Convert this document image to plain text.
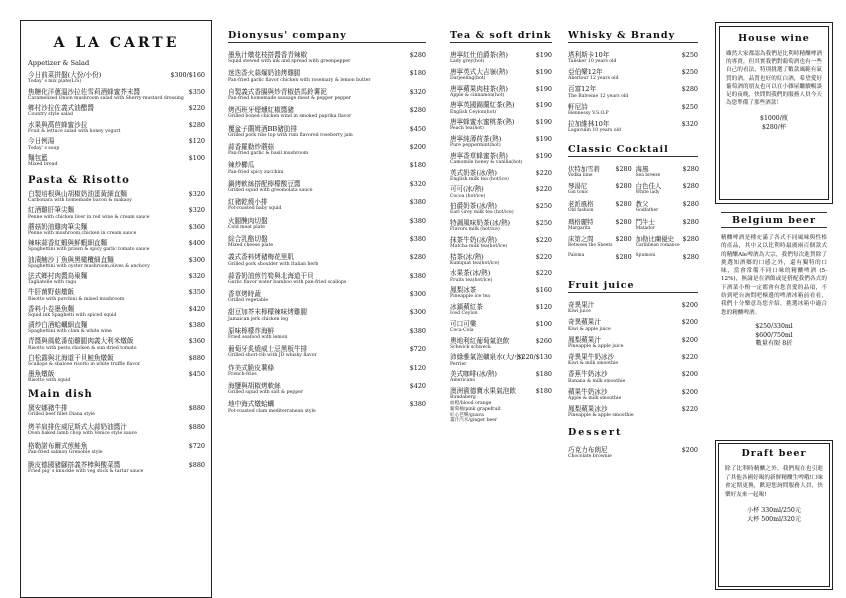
A LA CARTE
Appetizer & Salad
今日前菜拼盤(大份/小份)
Today' s mix plate(L/S)
$300/$160
焦糖化洋蔥溫沙拉佐雪莉酒蜂蜜芥末醬
Caramelized Onion mushroom salad with Sherry-mustard dressing
$350
鄉村沙拉佐義式油醋醬
Country style salad
$220
水果與萵苣蜂蜜沙拉
Fruit & lettuce salad with honey yogurt
$280
今日例湯
Today' s soup
$120
麵包籃
Mixed bread
$100
Pasta & Risotto
白製培根與山胡椒奶油蛋黃細直麵
Carbonara with homemade bacon & makaoy
$320
紅酒雞肝筆尖麵
Penne with chicken liver in red wine & cream sauce
$320
蘑菇奶油雞肉筆尖麵
Penne with mushroom,chicken in cream sauce
$360
辣味蒜香紅蝦與鮮蝦細直麵
Spaghettini with prawn & spicy garlic tomato sauce
$400
油漬鮪沙丁魚與黑橄欖細直麵
Spaghettini with oyster mushroom,olives & anchovy
$300
法式鄉村肉醬鳥巢麵
Tagliatelle with ragu
$320
牛肝菌野菇燉飯
Risotto with porchini & mixed mushroom
$350
香料小卷墨魚麵
Squid ink Spaghetti with spiced squid
$420
漬炒白酒蛤蠣細直麵
Spaghettini with clam & white wine
$380
青醬與風乾番茄雞腿肉義大利米燉飯
Risotto with pesto,chicken & sun dried tomato
$360
白松露與北海道干貝鮭魚燉飯
Scallops & shalooe risotto in white truffle flavor
$880
墨魚燉飯
Risotto with squid
$450
Main dish
黛安娜豬牛排
Grilled beef fillet Diana style
$880
烤羊肩排佐威尼斯式大蒜奶油醬汁
Oven baked lamb chop with Venice style sauce
$880
格勒諾布爾式煎鮭魚
Pan-fried salmon Grenoble style
$720
脆皮德國豬腳搭義芥棒與酸菜醬
Fried pig' s knuckle with veg stick & tartar sauce
$880
Dionysus' company
墨魚汁燉花枝搭醬香青辣椒
Squid stewed with ink and spread with greenpepper
$280
迷迭香火蒜爆奶油烤雞腿
Pan-fried garlic flavor chicken with rosemary & lemon butter
$180
自製義式香腸與炒青椒搭馬鈴薯泥
Pan-fried homemade sausage meat & pepper pepper
$320
烤西班牙煙燻紅椒醬豬
Grilled boned chicken wind in smoked paprika flavor
$280
覆盆子蘭姆酒BB豬肋排
Grilled pork ribs top with rum flavored roseberry jam
$450
蒜香羅勒炒蘑菇
Pan-fried garlic & basil mushroom
$200
辣炒櫛瓜
Pan-fried spicy zucchini
$180
鍋烤軟絲搭配檸檬酸豆醬
Grilled squid with greomolata sauce
$320
紅豬乾燒小排
Pot-roasted baby squid
$380
火腿醃肉切盤
Cold meat plate
$380
綜合乳酪切盤
Mixed cheese plate
$380
義式香料烤豬梅花里肌
Grilled pork shoulder with Italian herb
$280
蒜香奶油煎竹筍與北海道干貝
Garlic flavor water bamboo with pan-fried scallops
$380
香草烤時蔬
Grilled vegetable
$300
甜豆加芥末檸檬辣味烤雞腿
Jamaican jerk chicken leg
$300
原味檸檬炸海鮮
Fried seafood with lemon
$380
葡萄牙炙燒威士忌黑板牛排
Grilled short-rib with JD whisky flavor
$720
炸美式脆皮薯條
French-fries
$120
海鹽與胡椒烤軟絲
Grilled squid with salt & pepper
$420
地中海式燉蛤蠣
Pot-roasted clam mediterranean style
$380
Tea & soft drink
唐寧紅仕伯爵茶(熱)
Lady grey(hot)
$190
唐寧英式大吉嶺(熱)
Darjeeling(hot)
$190
唐寧蘋果肉桂茶(熱)
Apple & cinnamon(hot)
$190
唐寧英國錫蘭紅茶(熱)
English Ceylon(hot)
$190
唐寧蜂蜜水蜜桃茶(熱)
Peach tea(hot)
$190
唐寧純薄荷茶(熱)
Pure peppermint(hot)
$190
唐寧香草蜂蜜茶(熱)
Camomile honey & vanilla(hot)
$190
英式奶茶(冰/熱)
English milk tea (hot/ice)
$220
可可(冰/熱)
Cocoa (hot/ice)
$220
伯爵奶茶(冰/熱)
Earl Grey milk tea (hot/ice)
$250
特調風味奶茶(冰/熱)
Flavors milk (hot/ice)
$250
抹茶牛奶(冰/熱)
Matcha milk tea(hot/ice)
$220
桔茶(冰/熱)
Kumquat tea(hot/ice)
$220
水果茶(冰/熱)
Fruits tea(hot/ice)
$220
鳳梨冰茶
Pineapple ice tea
$160
冰鎮蘋紅茶
Iced Ceylon
$120
可口可樂
Coca-Cola
$100
奧地利紅葡萄氣泡飲
Schwick schweck
$260
沛綠雅氣泡礦泉水(大/小)
Perrier
$220/$130
美式咖啡(冰/熱)
Americano
$180
澳洲賓德寶水果氣泡飲
Bundaberg
血橙/blood orange
葡萄柚/pink grapefruit
紅心芭樂/guava
薑汁汽水/ginger beer
$180
Whisky & Brandy
塔利斯卡10年
Talisker 10 years old
$250
亞伯樂12年
Aberlour 12 years old
$250
百富12年
The Balvenie 12 years old
$280
軒尼詩
Hennessy V.S.O.P
$250
拉加維林10年
Lagavulin 10 years old
$320
Classic Cocktail
伏特加雪碧
Vodka lime
$280 海風
Sea breeze
$280
琴湯尼
Gin tonic
$280 白色佳人
White lady
$280
老派風格
Old fashion
$280 教父
Godfather
$280
瑪格麗特
Margarita
$280 鬥牛士
Matador
$280
床第之間
Between the Sheets
$280 加勒比蘭優史
Caribbean romance
$280
Paloma	$280 Spumoni	$280
Fruit juice
奇異果汁
Kiwi juice
$200
奇異蘋果汁
Kiwi & apple juice
$200
鳳梨蘋果汁
Pineapple & apple juice
$200
奇異果牛奶冰沙
Kiwi & milk smoothie
$220
香蕉牛奶冰沙
Banana & milk smoothie
$200
蘋果牛奶冰沙
Apple & milk smoothie
$200
鳳梨蘋果冰沙
Pineapple & apple smoothie
$220
Dessert
巧克力布朗尼
Chocolate brownie
$200
House wine
雖然大家都認為我們是比利時精釀啤酒的專賣，但其實我們對葡萄酒也有一些自己的看法，特別挑選了數款風範有氣質的酒，品質也好的紅白酒，希望愛好葡萄酒的朋友也可以在小雜屋繼續暢談足的夜晚，快問問我們的服務人員今天為您準備了那些酒款！
$1000/瓶
$280/杯
Belgium beer
精釀啤酒是種充滿了各式不同風味與性格的產品，其中又以比利時最廣兩百個款式的精釀Ale啤酒為大宗，我們每次進貨除了挑選知酒鄉的口感之外，還有獨特的口味，當會常備不同口味的精釀啤酒 (5-12%)，無論是在酒館或是搭配我們各式的下酒菜小酌一定都會有您喜愛的品項，不妨到吧台詢問吧檯邊的啤酒冰箱前看看，我們十分樂意為您介紹，挑選冰箱中適合您的精釀啤酒。
$250/330ml
$600/750ml
數量有限 8折
Draft beer
除了比利時精釀之外，我們現在也引進了其他各國好喝的新鮮精釀生啤哦!口味會定期更換，歡迎您詢問服務人員，快樂好友來一起喝!
小杯 330ml/250元
大杯 500ml/320元
